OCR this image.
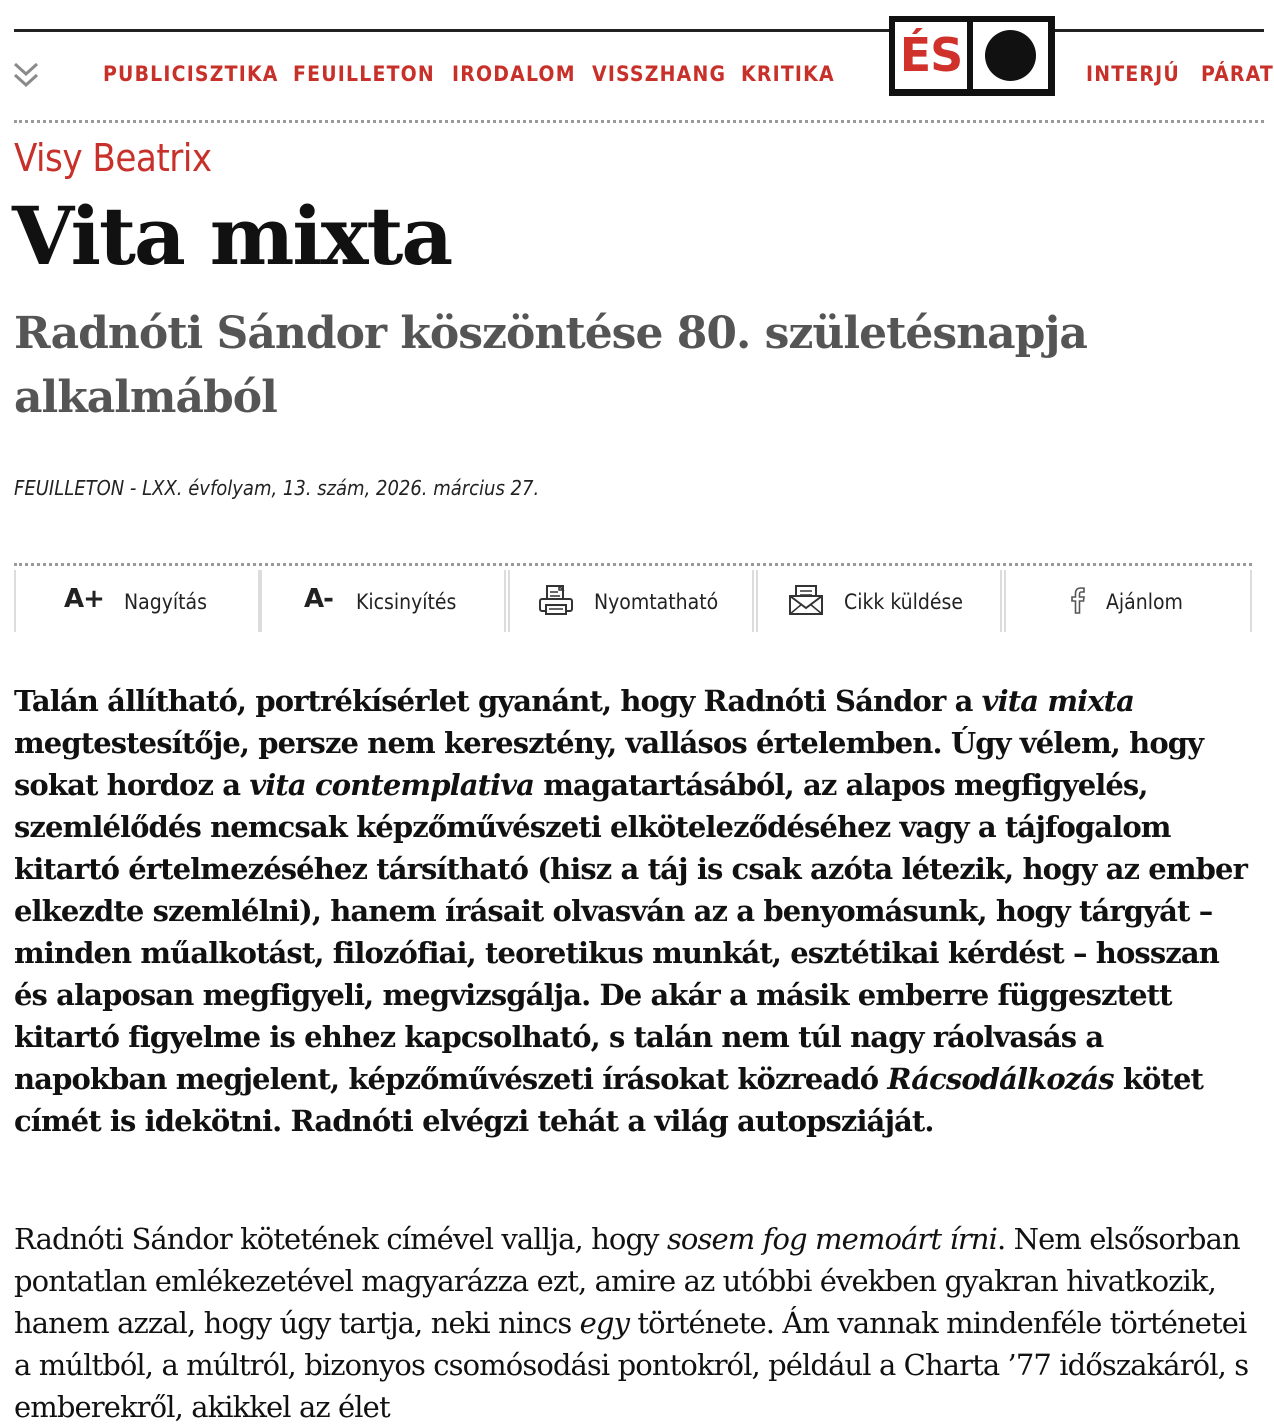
PUBLICISZTIKA FEUILLETON IRODALOM VISSZHANG KRITIKA ÉS	INTERJÚ PÁRAT
Visy Beatrix
Vita mixta
Radnóti Sándor köszöntése 80. születésnapja alkalmából
FEUILLETON - LXX. évfolyam, 13. szám, 2026. március 27.
A+ Nagyítás	A- Kicsinyítés	Nyomtatható	Cikk küldése	Ajánlom

Talán állítható, portrékísérlet gyanánt, hogy Radnóti Sándor a vita mixta megtestesítője, persze nem keresztény, vallásos értelemben. Úgy vélem, hogy sokat hordoz a vita contemplativa magatartásából, az alapos megfigyelés, szemlélődés nemcsak képzőművészeti elköteleződéséhez vagy a tájfogalom kitartó értelmezéséhez társítható (hisz a táj is csak azóta létezik, hogy az ember elkezdte szemlélni), hanem írásait olvasván az a benyomásunk, hogy tárgyát – minden műalkotást, filozófiai, teoretikus munkát, esztétikai kérdést – hosszan és alaposan megfigyeli, megvizsgálja. De akár a másik emberre függesztett kitartó figyelme is ehhez kapcsolható, s talán nem túl nagy ráolvasás a napokban megjelent, képzőművészeti írásokat közreadó Rácsodálkozás kötet címét is idekötni. Radnóti elvégzi tehát a világ autopsziáját.

Radnóti Sándor kötetének címével vallja, hogy sosem fog memoárt írni. Nem elsősorban pontatlan emlékezetével magyarázza ezt, amire az utóbbi években gyakran hivatkozik, hanem azzal, hogy úgy tartja, neki nincs egy története. Ám vannak mindenféle történetei a múltból, a múltról, bizonyos csomósodási pontokról, például a Charta ’77 időszakáról, s emberekről, akikkel az élet
